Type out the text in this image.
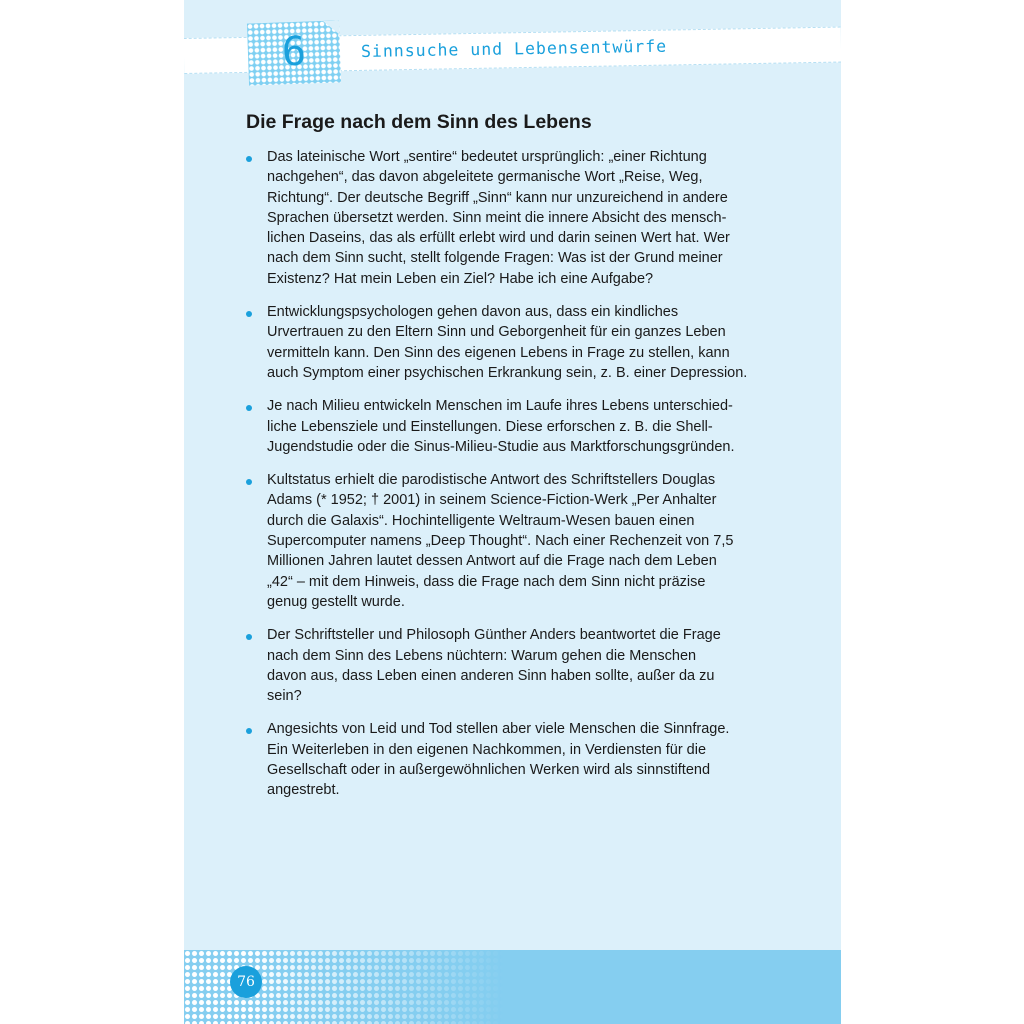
6	Sinnsuche und Lebensentwürfe
Die Frage nach dem Sinn des Lebens
Das lateinische Wort „sentire“ bedeutet ursprünglich: „einer Richtung
nachgehen“, das davon abgeleitete germanische Wort „Reise, Weg,
Richtung“. Der deutsche Begriff „Sinn“ kann nur unzureichend in andere
Sprachen übersetzt werden. Sinn meint die innere Absicht des mensch-
lichen Daseins, das als erfüllt erlebt wird und darin seinen Wert hat. Wer
nach dem Sinn sucht, stellt folgende Fragen: Was ist der Grund meiner
Existenz? Hat mein Leben ein Ziel? Habe ich eine Aufgabe?
Entwicklungspsychologen gehen davon aus, dass ein kindliches
Urvertrauen zu den Eltern Sinn und Geborgenheit für ein ganzes Leben
vermitteln kann. Den Sinn des eigenen Lebens in Frage zu stellen, kann
auch Symptom einer psychischen Erkrankung sein, z. B. einer Depression.
Je nach Milieu entwickeln Menschen im Laufe ihres Lebens unterschied-
liche Lebensziele und Einstellungen. Diese erforschen z. B. die Shell-
Jugendstudie oder die Sinus-Milieu-Studie aus Marktforschungsgründen.
Kultstatus erhielt die parodistische Antwort des Schriftstellers Douglas
Adams (* 1952; † 2001) in seinem Science-Fiction-Werk „Per Anhalter
durch die Galaxis“. Hochintelligente Weltraum-Wesen bauen einen
Supercomputer namens „Deep Thought“. Nach einer Rechenzeit von 7,5
Millionen Jahren lautet dessen Antwort auf die Frage nach dem Leben
„42“ – mit dem Hinweis, dass die Frage nach dem Sinn nicht präzise
genug gestellt wurde.
Der Schriftsteller und Philosoph Günther Anders beantwortet die Frage
nach dem Sinn des Lebens nüchtern: Warum gehen die Menschen
davon aus, dass Leben einen anderen Sinn haben sollte, außer da zu
sein?
Angesichts von Leid und Tod stellen aber viele Menschen die Sinnfrage.
Ein Weiterleben in den eigenen Nachkommen, in Verdiensten für die
Gesellschaft oder in außergewöhnlichen Werken wird als sinnstiftend
angestrebt.
76
